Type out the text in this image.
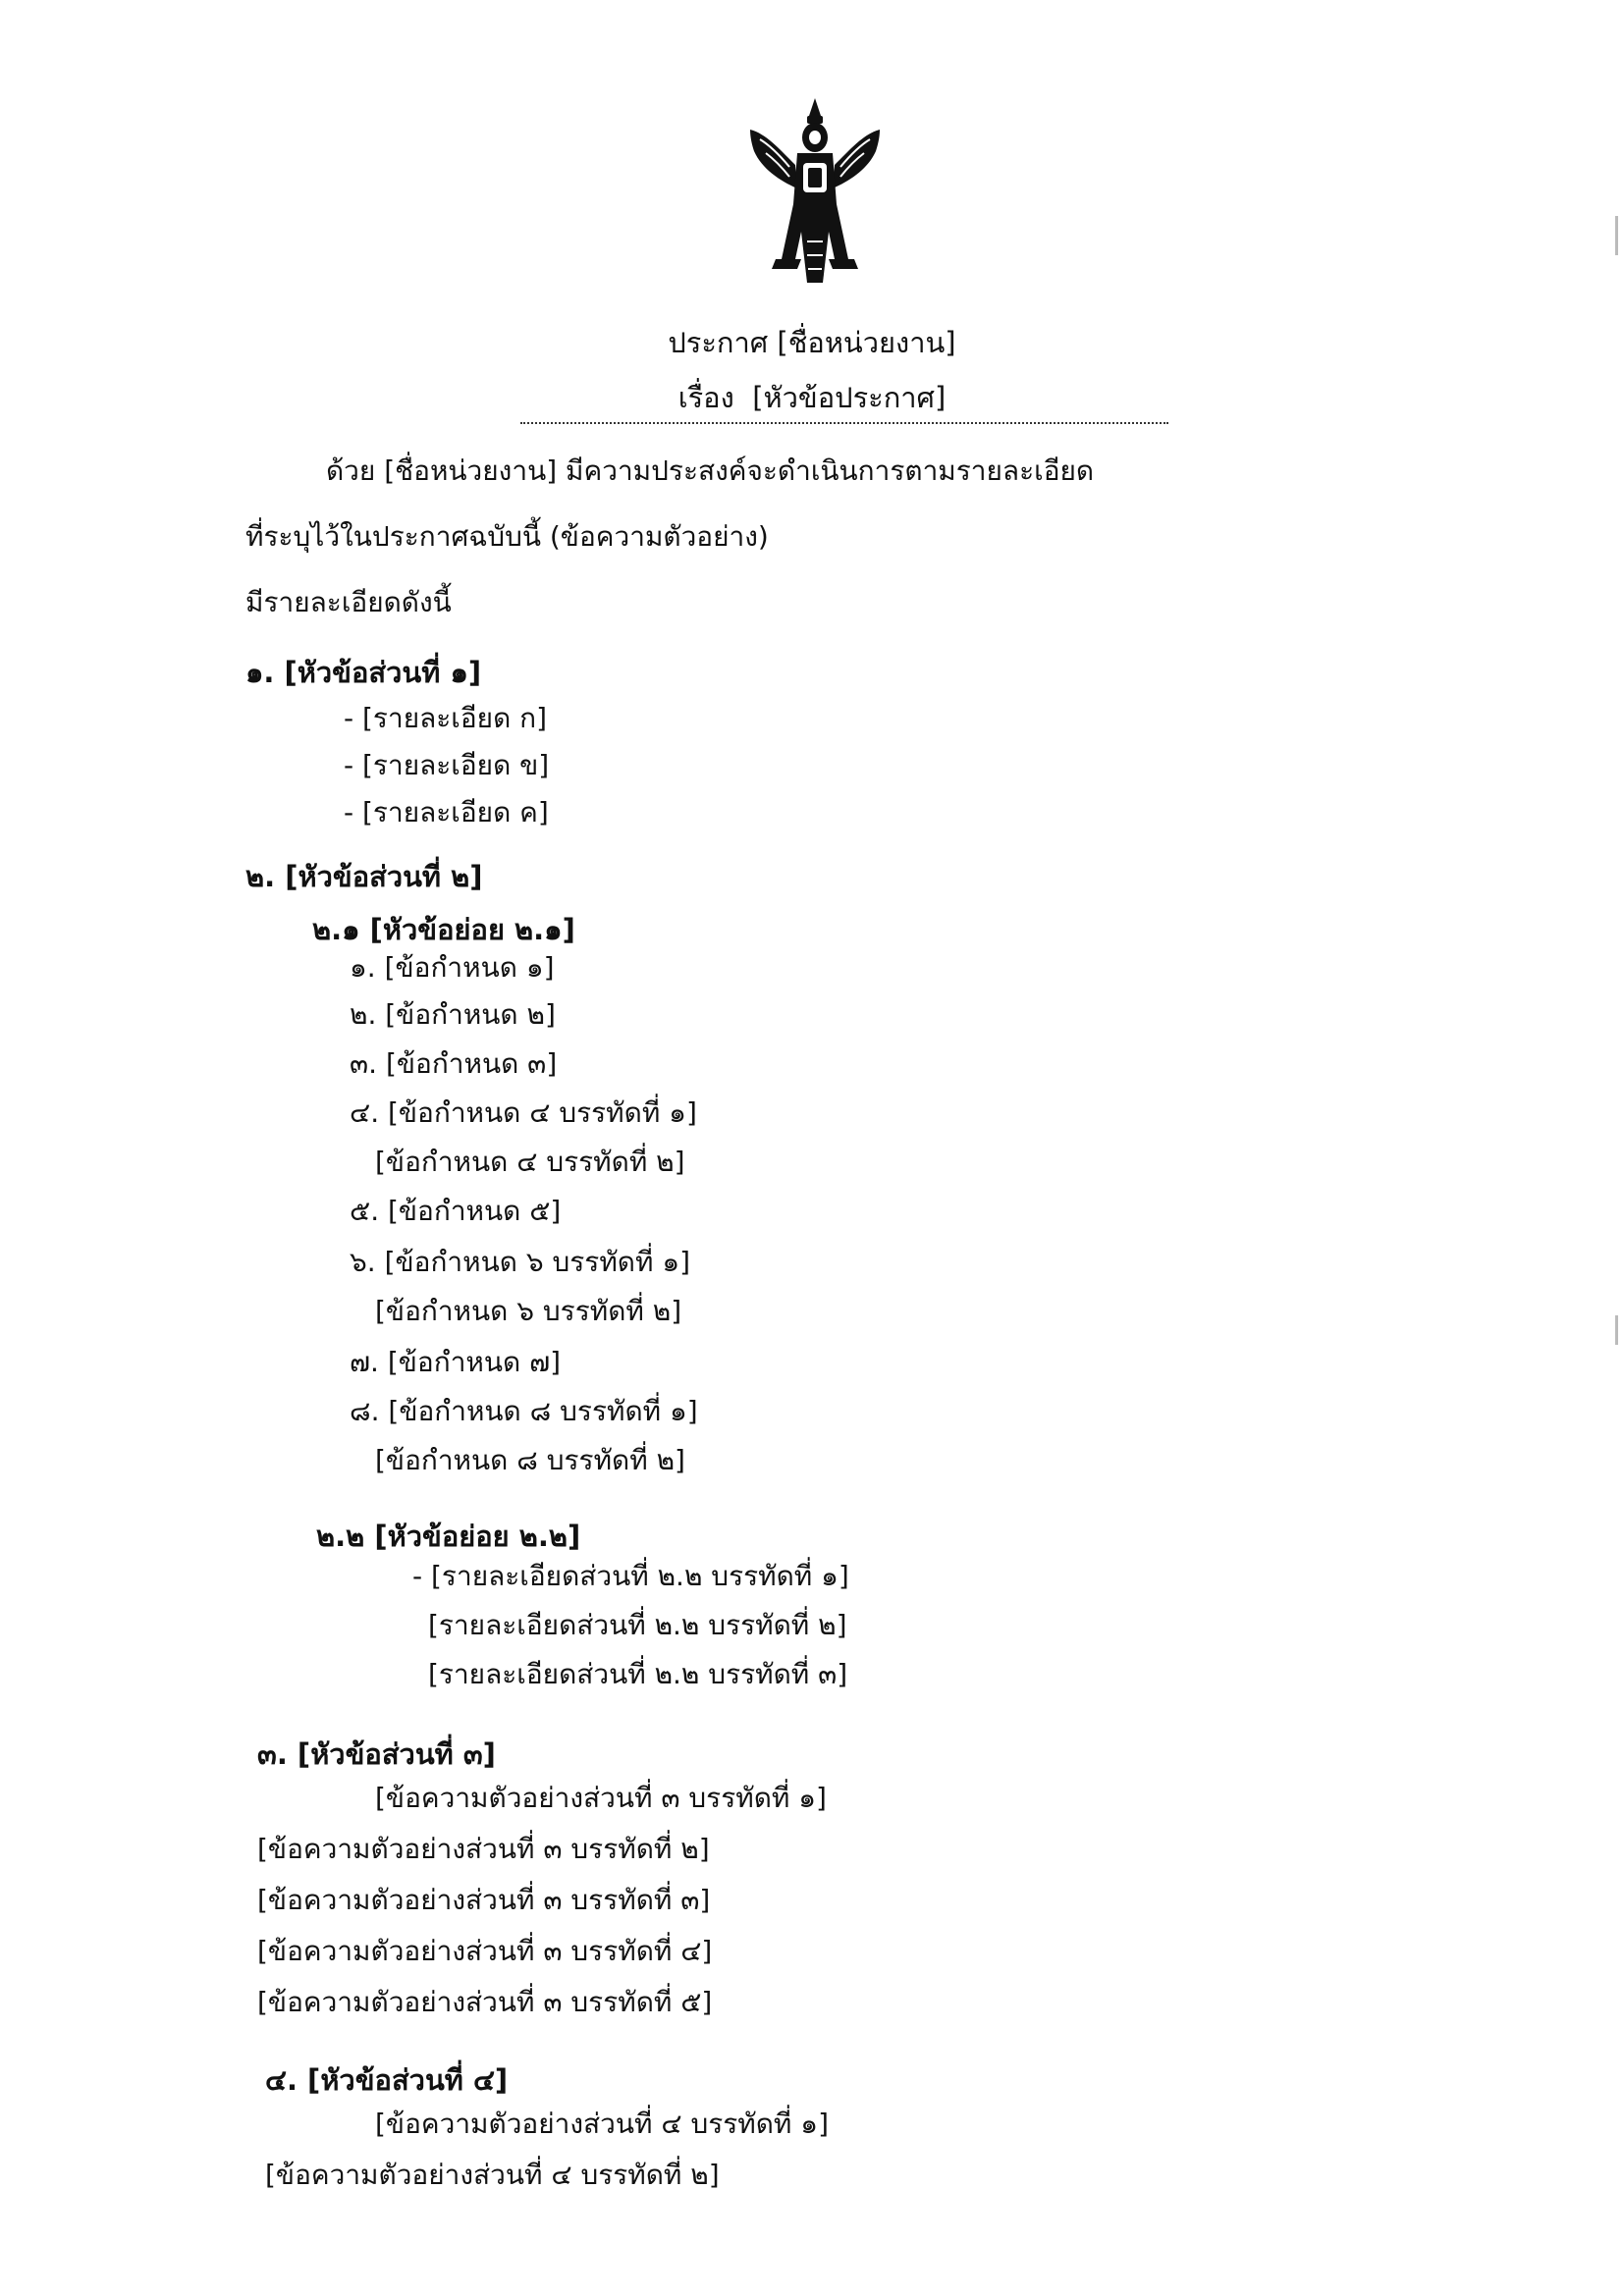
ประกาศ [ชื่อหน่วยงาน]
เรื่อง [หัวข้อประกาศ]

ด้วย [ชื่อหน่วยงาน] มีความประสงค์จะดำเนินการตามรายละเอียด

ที่ระบุไว้ในประกาศฉบับนี้ (ข้อความตัวอย่าง)

มีรายละเอียดดังนี้

๑. [หัวข้อส่วนที่ ๑]

- [รายละเอียด ก]

- [รายละเอียด ข]

- [รายละเอียด ค]

๒. [หัวข้อส่วนที่ ๒]

๒.๑ [หัวข้อย่อย ๒.๑]

๑. [ข้อกำหนด ๑]

๒. [ข้อกำหนด ๒]

๓. [ข้อกำหนด ๓]

๔. [ข้อกำหนด ๔ บรรทัดที่ ๑]

[ข้อกำหนด ๔ บรรทัดที่ ๒]

๕. [ข้อกำหนด ๕]

๖. [ข้อกำหนด ๖ บรรทัดที่ ๑]

[ข้อกำหนด ๖ บรรทัดที่ ๒]

๗. [ข้อกำหนด ๗]

๘. [ข้อกำหนด ๘ บรรทัดที่ ๑]

[ข้อกำหนด ๘ บรรทัดที่ ๒]

๒.๒ [หัวข้อย่อย ๒.๒]

- [รายละเอียดส่วนที่ ๒.๒ บรรทัดที่ ๑]

[รายละเอียดส่วนที่ ๒.๒ บรรทัดที่ ๒]

[รายละเอียดส่วนที่ ๒.๒ บรรทัดที่ ๓]

๓. [หัวข้อส่วนที่ ๓]

[ข้อความตัวอย่างส่วนที่ ๓ บรรทัดที่ ๑]

[ข้อความตัวอย่างส่วนที่ ๓ บรรทัดที่ ๒]

[ข้อความตัวอย่างส่วนที่ ๓ บรรทัดที่ ๓]

[ข้อความตัวอย่างส่วนที่ ๓ บรรทัดที่ ๔]

[ข้อความตัวอย่างส่วนที่ ๓ บรรทัดที่ ๕]

๔. [หัวข้อส่วนที่ ๔]

[ข้อความตัวอย่างส่วนที่ ๔ บรรทัดที่ ๑]

[ข้อความตัวอย่างส่วนที่ ๔ บรรทัดที่ ๒]
